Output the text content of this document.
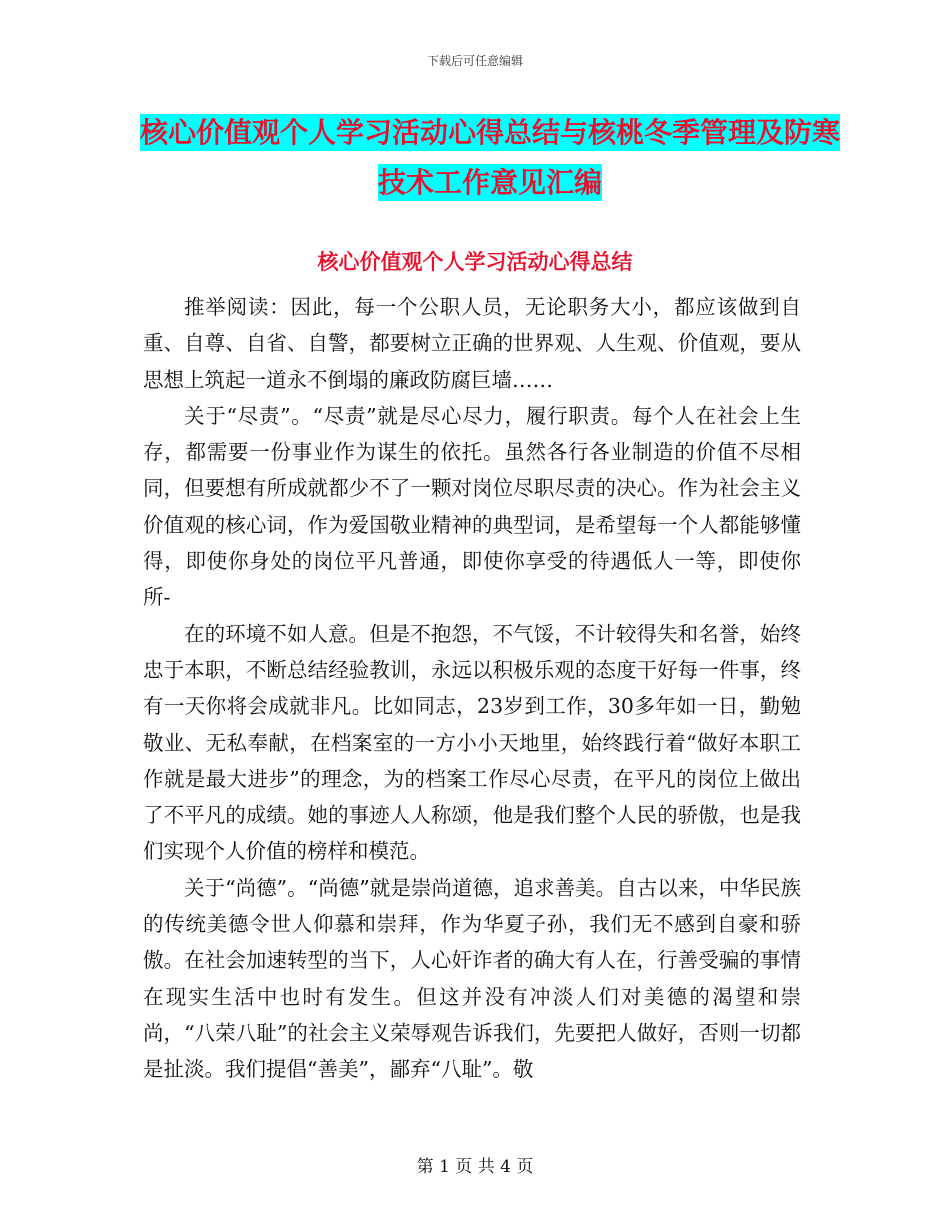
下载后可任意编辑
核心价值观个人学习活动心得总结与核桃冬季管理及防寒技术工作意见汇编
核心价值观个人学习活动心得总结

推举阅读：因此，每一个公职人员，无论职务大小，都应该做到自重、自尊、自省、自警，都要树立正确的世界观、人生观、价值观，要从思想上筑起一道永不倒塌的廉政防腐巨墙……

关于“尽责”。“尽责”就是尽心尽力，履行职责。每个人在社会上生存，都需要一份事业作为谋生的依托。虽然各行各业制造的价值不尽相同，但要想有所成就都少不了一颗对岗位尽职尽责的决心。作为社会主义价值观的核心词，作为爱国敬业精神的典型词，是希望每一个人都能够懂得，即使你身处的岗位平凡普通，即使你享受的待遇低人一等，即使你所-

在的环境不如人意。但是不抱怨，不气馁，不计较得失和名誉，始终忠于本职，不断总结经验教训，永远以积极乐观的态度干好每一件事，终有一天你将会成就非凡。比如同志，23岁到工作，30多年如一日，勤勉敬业、无私奉献，在档案室的一方小小天地里，始终践行着“做好本职工作就是最大进步”的理念，为的档案工作尽心尽责，在平凡的岗位上做出了不平凡的成绩。她的事迹人人称颂，他是我们整个人民的骄傲，也是我们实现个人价值的榜样和模范。

关于“尚德”。“尚德”就是崇尚道德，追求善美。自古以来，中华民族的传统美德令世人仰慕和崇拜，作为华夏子孙，我们无不感到自豪和骄傲。在社会加速转型的当下，人心奸诈者的确大有人在，行善受骗的事情在现实生活中也时有发生。但这并没有冲淡人们对美德的渴望和崇尚，“八荣八耻”的社会主义荣辱观告诉我们，先要把人做好，否则一切都是扯淡。我们提倡“善美”，鄙弃“八耻”。敬

第 1 页 共 4 页
